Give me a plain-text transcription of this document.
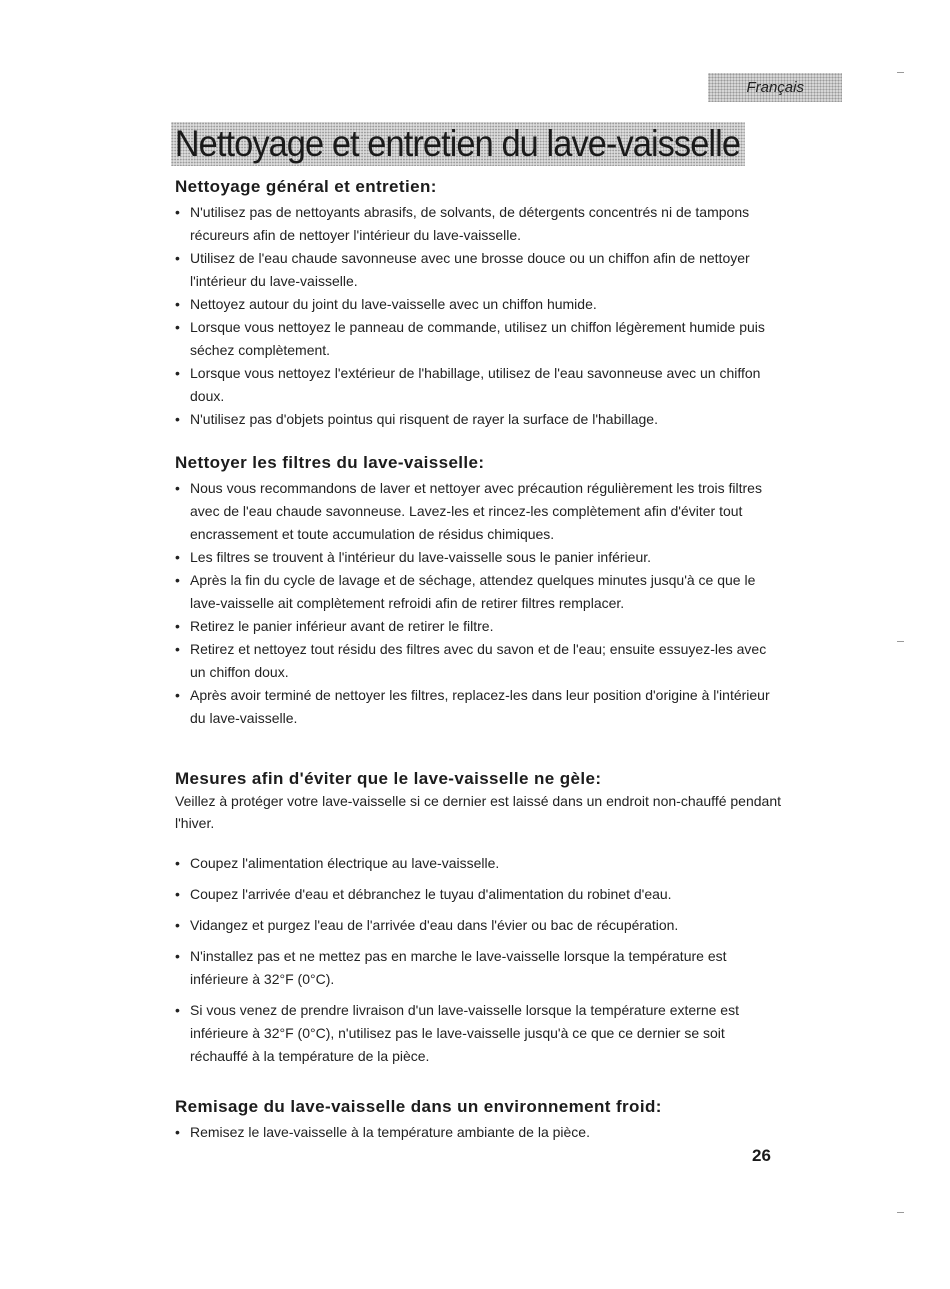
Français
Nettoyage et entretien du lave-vaisselle
Nettoyage général et entretien:
• N'utilisez pas de nettoyants abrasifs, de solvants, de détergents concentrés ni de tampons récureurs afin de nettoyer l'intérieur du lave-vaisselle.
• Utilisez de l'eau chaude savonneuse avec une brosse douce ou un chiffon afin de nettoyer l'intérieur du lave-vaisselle.
• Nettoyez autour du joint du lave-vaisselle avec un chiffon humide.
• Lorsque vous nettoyez le panneau de commande, utilisez un chiffon légèrement humide puis séchez complètement.
• Lorsque vous nettoyez l'extérieur de l'habillage, utilisez de l'eau savonneuse avec un chiffon doux.
• N'utilisez pas d'objets pointus qui risquent de rayer la surface de l'habillage.
Nettoyer les filtres du lave-vaisselle:
• Nous vous recommandons de laver et nettoyer avec précaution régulièrement les trois filtres avec de l'eau chaude savonneuse. Lavez-les et rincez-les complètement afin d'éviter tout encrassement et toute accumulation de résidus chimiques.
• Les filtres se trouvent à l'intérieur du lave-vaisselle sous le panier inférieur.
• Après la fin du cycle de lavage et de séchage, attendez quelques minutes jusqu'à ce que le lave-vaisselle ait complètement refroidi afin de retirer filtres remplacer.
• Retirez le panier inférieur avant de retirer le filtre.
• Retirez et nettoyez tout résidu des filtres avec du savon et de l'eau; ensuite essuyez-les avec un chiffon doux.
• Après avoir terminé de nettoyer les filtres, replacez-les dans leur position d'origine à l'intérieur du lave-vaisselle.
Mesures afin d'éviter que le lave-vaisselle ne gèle:

Veillez à protéger votre lave-vaisselle si ce dernier est laissé dans un endroit non-chauffé pendant l'hiver.

• Coupez l'alimentation électrique au lave-vaisselle.
• Coupez l'arrivée d'eau et débranchez le tuyau d'alimentation du robinet d'eau.
• Vidangez et purgez l'eau de l'arrivée d'eau dans l'évier ou bac de récupération.
• N'installez pas et ne mettez pas en marche le lave-vaisselle lorsque la température est inférieure à 32°F (0°C).
• Si vous venez de prendre livraison d'un lave-vaisselle lorsque la température externe est inférieure à 32°F (0°C), n'utilisez pas le lave-vaisselle jusqu'à ce que ce dernier se soit réchauffé à la température de la pièce.
Remisage du lave-vaisselle dans un environnement froid:
• Remisez le lave-vaisselle à la température ambiante de la pièce.
26
